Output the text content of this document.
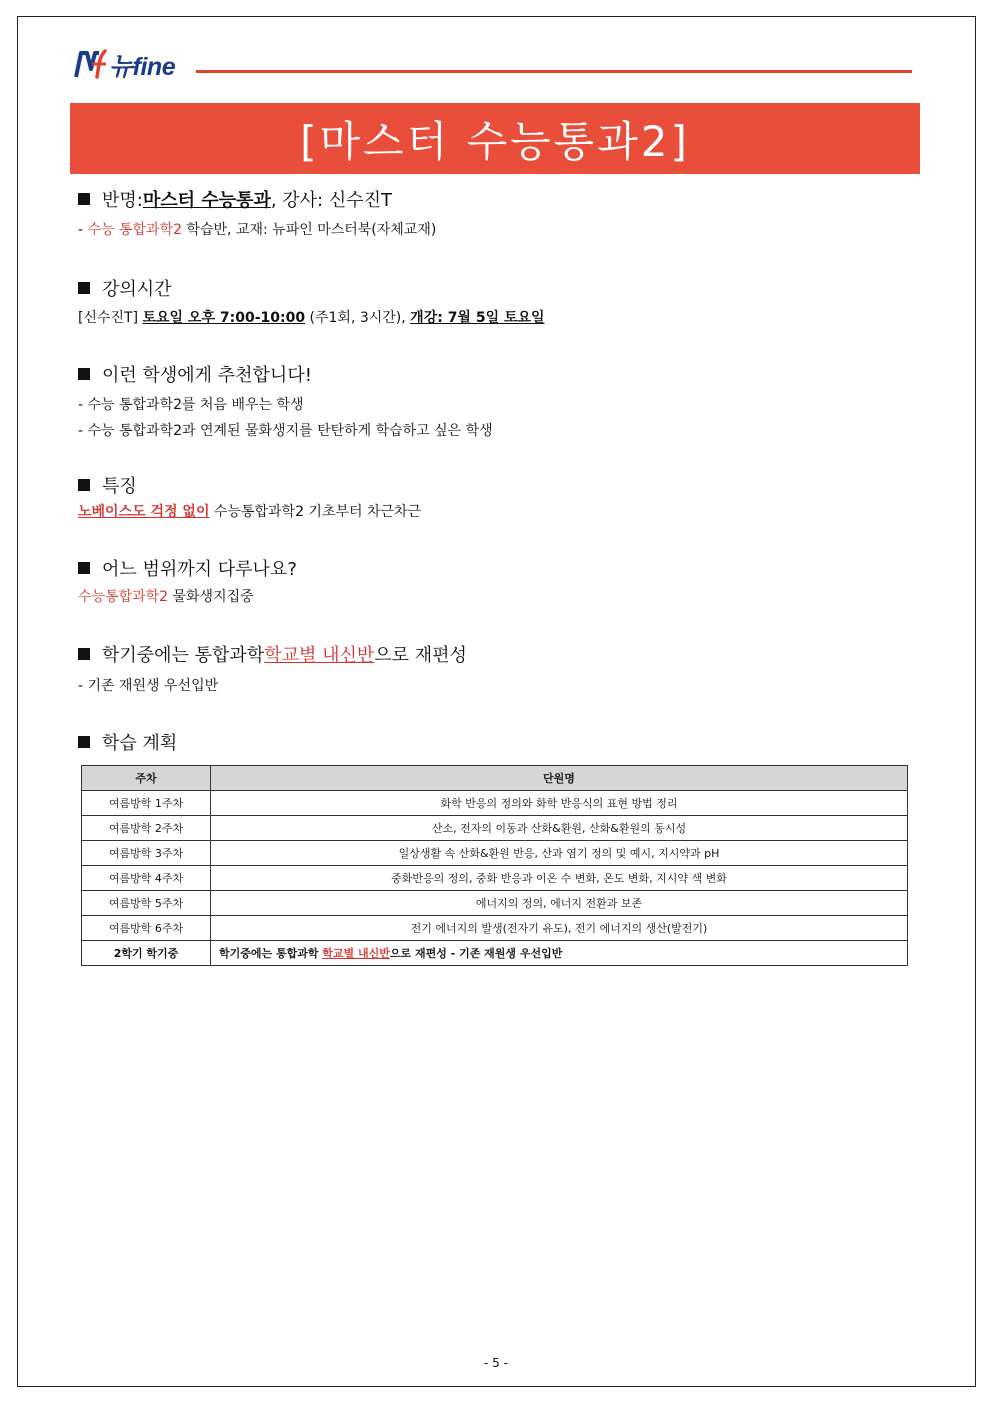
뉴fine
[마스터 수능통과2]
반명: 마스터 수능통과 , 강사: 신수진T
- 수능 통합과학2 학습반, 교재: 뉴파인 마스터북(자체교재)
강의시간
[신수진T] 토요일 오후 7:00-10:00 (주1회, 3시간), 개강: 7월 5일 토요일
이런 학생에게 추천합니다!
- 수능 통합과학2를 처음 배우는 학생
- 수능 통합과학2과 연계된 물화생지를 탄탄하게 학습하고 싶은 학생
특징
노베이스도 걱정 없이 수능통합과학2 기초부터 차근차근
어느 범위까지 다루나요?
수능통합과학2 물화생지집중
학기중에는 통합과학 학교별 내신반 으로 재편성
- 기존 재원생 우선입반
학습 계획
주차	단원명
여름방학 1주차	화학 반응의 정의와 화학 반응식의 표현 방법 정리
여름방학 2주차	산소, 전자의 이동과 산화&환원, 산화&환원의 동시성
여름방학 3주차	일상생활 속 산화&환원 반응, 산과 염기 정의 및 예시, 지시약과 pH
여름방학 4주차	중화반응의 정의, 중화 반응과 이온 수 변화, 온도 변화, 지시약 색 변화
여름방학 5주차	에너지의 정의, 에너지 전환과 보존
여름방학 6주차	전기 에너지의 발생(전자기 유도), 전기 에너지의 생산(발전기)
2학기 학기중	학기중에는 통합과학 학교별 내신반으로 재편성 - 기존 재원생 우선입반
- 5 -
